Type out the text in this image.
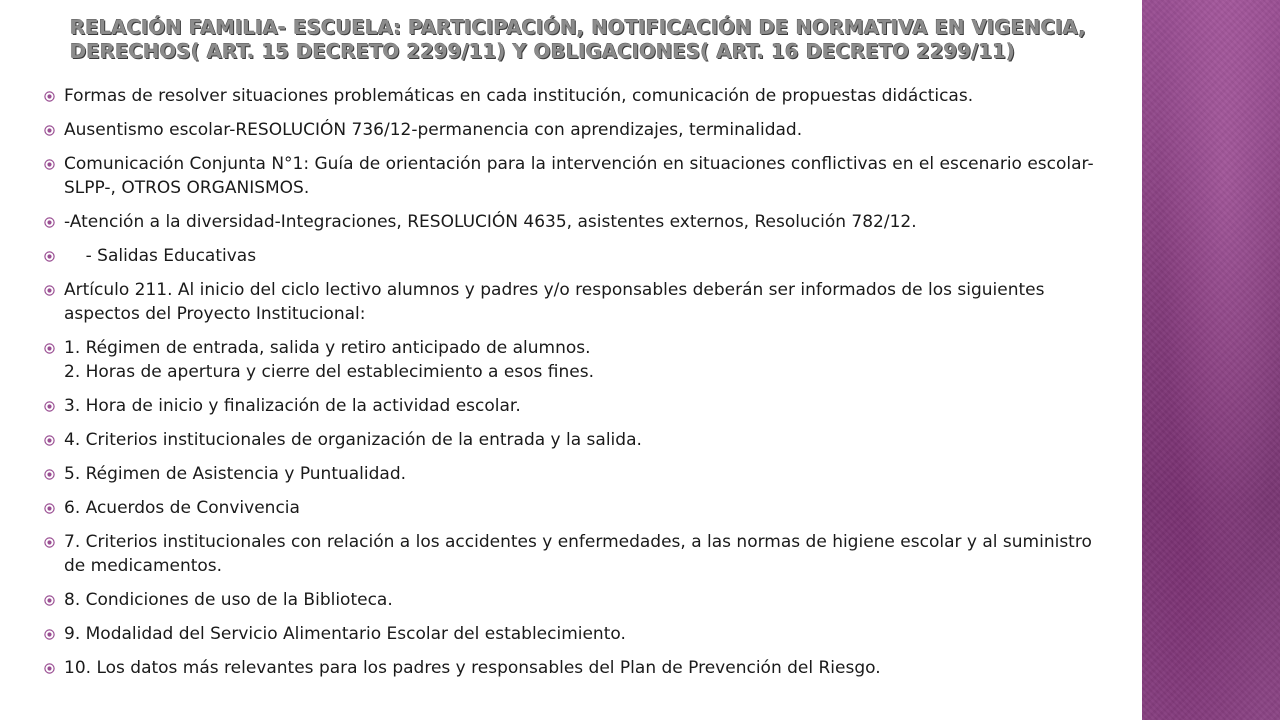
RELACIÓN FAMILIA- ESCUELA: PARTICIPACIÓN, NOTIFICACIÓN DE NORMATIVA EN VIGENCIA,
DERECHOS( ART. 15 DECRETO 2299/11) Y OBLIGACIONES( ART. 16 DECRETO 2299/11)
Formas de resolver situaciones problemáticas en cada institución, comunicación de propuestas didácticas.
Ausentismo escolar-RESOLUCIÓN 736/12-permanencia con aprendizajes, terminalidad.
Comunicación Conjunta N°1: Guía de orientación para la intervención en situaciones conflictivas en el escenario escolar-SLPP-, OTROS ORGANISMOS.
-Atención a la diversidad-Integraciones, RESOLUCIÓN 4635, asistentes externos, Resolución 782/12.
- Salidas Educativas
Artículo 211. Al inicio del ciclo lectivo alumnos y padres y/o responsables deberán ser informados de los siguientes aspectos del Proyecto Institucional:
1. Régimen de entrada, salida y retiro anticipado de alumnos.
2. Horas de apertura y cierre del establecimiento a esos fines.
3. Hora de inicio y finalización de la actividad escolar.
4. Criterios institucionales de organización de la entrada y la salida.
5. Régimen de Asistencia y Puntualidad.
6. Acuerdos de Convivencia
7. Criterios institucionales con relación a los accidentes y enfermedades, a las normas de higiene escolar y al suministro de medicamentos.
8. Condiciones de uso de la Biblioteca.
9. Modalidad del Servicio Alimentario Escolar del establecimiento.
10. Los datos más relevantes para los padres y responsables del Plan de Prevención del Riesgo.
